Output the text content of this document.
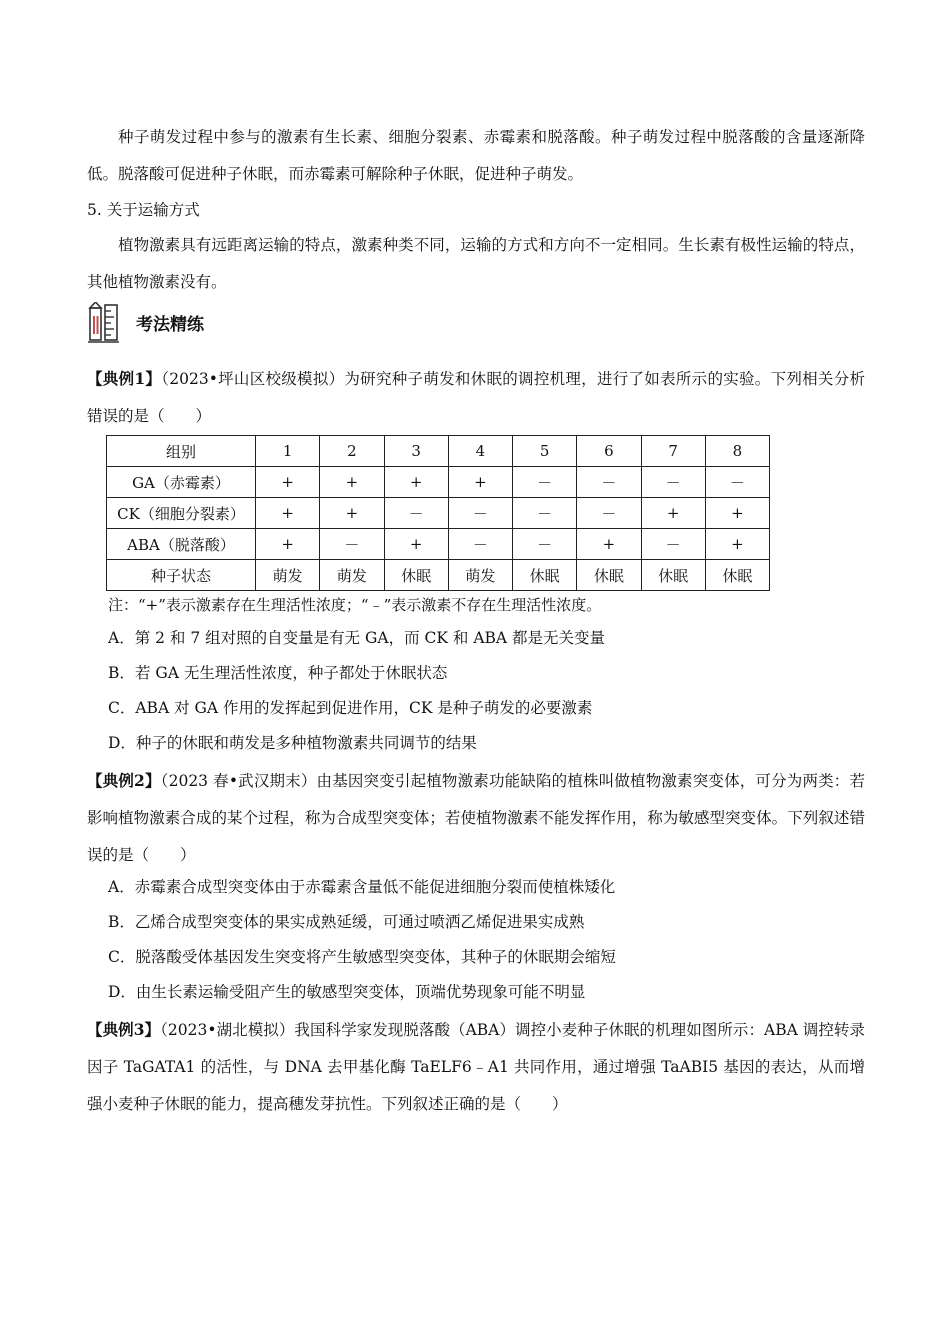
种子萌发过程中参与的激素有生长素、细胞分裂素、赤霉素和脱落酸。种子萌发过程中脱落酸的含量逐渐降低。脱落酸可促进种子休眠，而赤霉素可解除种子休眠，促进种子萌发。

5. 关于运输方式

植物激素具有远距离运输的特点，激素种类不同，运输的方式和方向不一定相同。生长素有极性运输的特点，其他植物激素没有。

考法精练

【典例1】（2023•坪山区校级模拟）为研究种子萌发和休眠的调控机理，进行了如表所示的实验。下列相关分析错误的是（　　）

组别	1	2	3	4	5	6	7	8
GA（赤霉素）	+	+	+	+	－	－	－	－
CK（细胞分裂素）	+	+	－	－	－	－	+	+
ABA（脱落酸）	+	－	+	－	－	+	－	+
种子状态	萌发	萌发	休眠	萌发	休眠	休眠	休眠	休眠
注：“+”表示激素存在生理活性浓度；“﹣”表示激素不存在生理活性浓度。
A．第 2 和 7 组对照的自变量是有无 GA，而 CK 和 ABA 都是无关变量
B．若 GA 无生理活性浓度，种子都处于休眠状态
C．ABA 对 GA 作用的发挥起到促进作用，CK 是种子萌发的必要激素
D．种子的休眠和萌发是多种植物激素共同调节的结果

【典例2】（2023 春•武汉期末）由基因突变引起植物激素功能缺陷的植株叫做植物激素突变体，可分为两类：若影响植物激素合成的某个过程，称为合成型突变体；若使植物激素不能发挥作用，称为敏感型突变体。下列叙述错误的是（　　）

A．赤霉素合成型突变体由于赤霉素含量低不能促进细胞分裂而使植株矮化
B．乙烯合成型突变体的果实成熟延缓，可通过喷洒乙烯促进果实成熟
C．脱落酸受体基因发生突变将产生敏感型突变体，其种子的休眠期会缩短
D．由生长素运输受阻产生的敏感型突变体，顶端优势现象可能不明显

【典例3】（2023•湖北模拟）我国科学家发现脱落酸（ABA）调控小麦种子休眠的机理如图所示：ABA 调控转录因子 TaGATA1 的活性，与 DNA 去甲基化酶 TaELF6﹣A1 共同作用，通过增强 TaABI5 基因的表达，从而增强小麦种子休眠的能力，提高穗发芽抗性。下列叙述正确的是（　　）
